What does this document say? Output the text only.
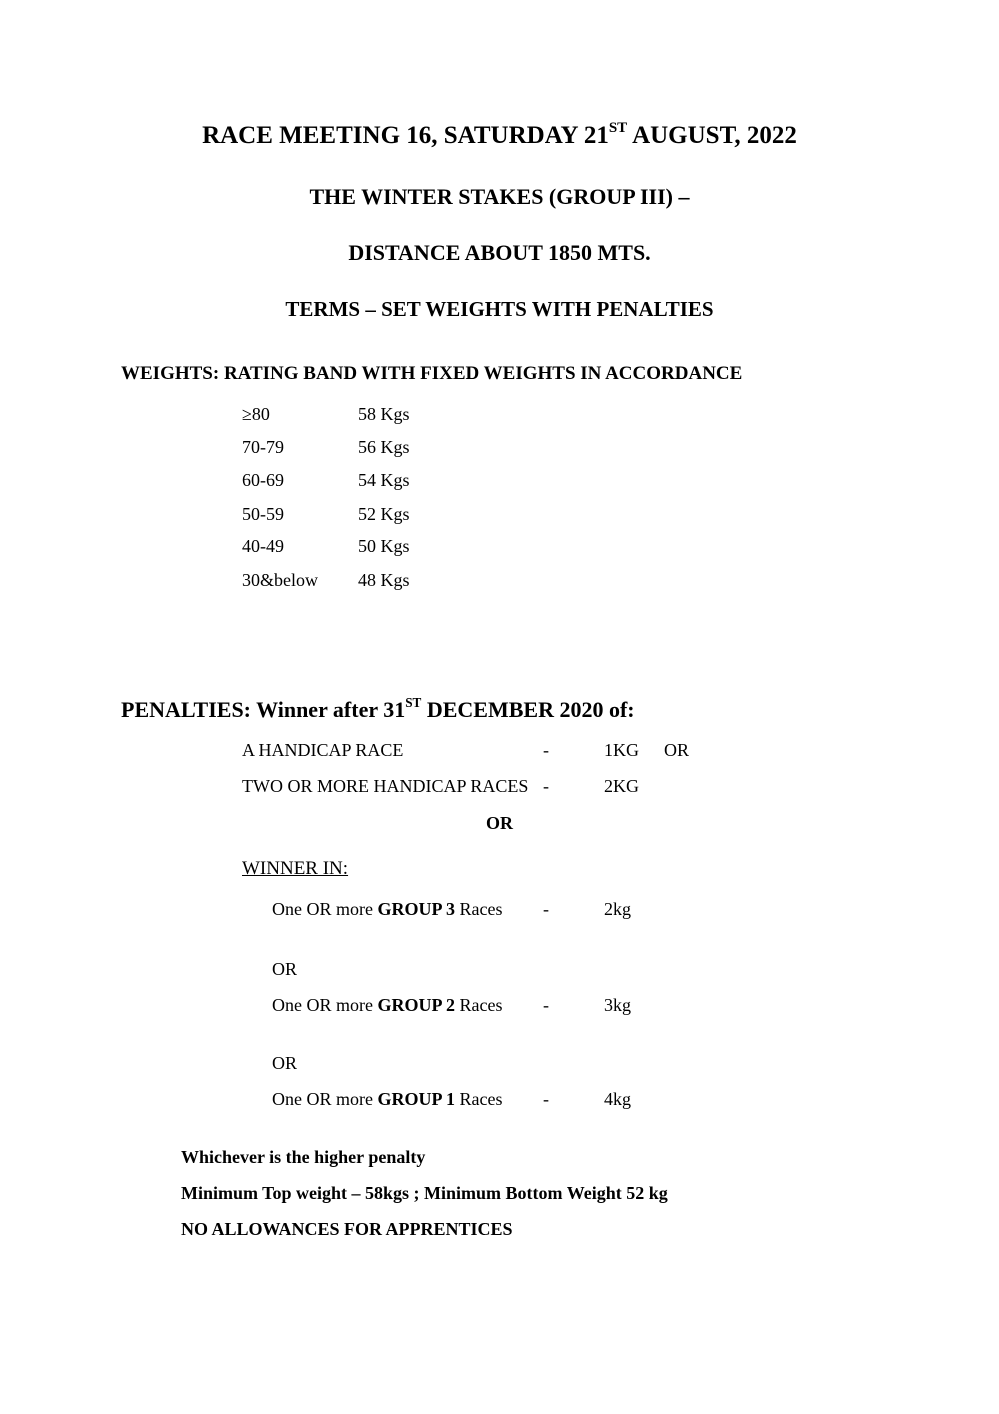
RACE MEETING 16, SATURDAY 21ST AUGUST, 2022
THE WINTER STAKES (GROUP III) –
DISTANCE ABOUT 1850 MTS.
TERMS – SET WEIGHTS WITH PENALTIES
WEIGHTS: RATING BAND WITH FIXED WEIGHTS IN ACCORDANCE
≥80	58 Kgs
70-79	56 Kgs
60-69	54 Kgs
50-59	52 Kgs
40-49	50 Kgs
30&below 48 Kgs
PENALTIES: Winner after 31ST DECEMBER 2020 of:
A HANDICAP RACE	-	1KG OR
TWO OR MORE HANDICAP RACES -	2KG
OR
WINNER IN:
One OR more GROUP 3 Races -	2kg
OR
One OR more GROUP 2 Races -	3kg
OR
One OR more GROUP 1 Races -	4kg
Whichever is the higher penalty
Minimum Top weight – 58kgs ; Minimum Bottom Weight 52 kg
NO ALLOWANCES FOR APPRENTICES
